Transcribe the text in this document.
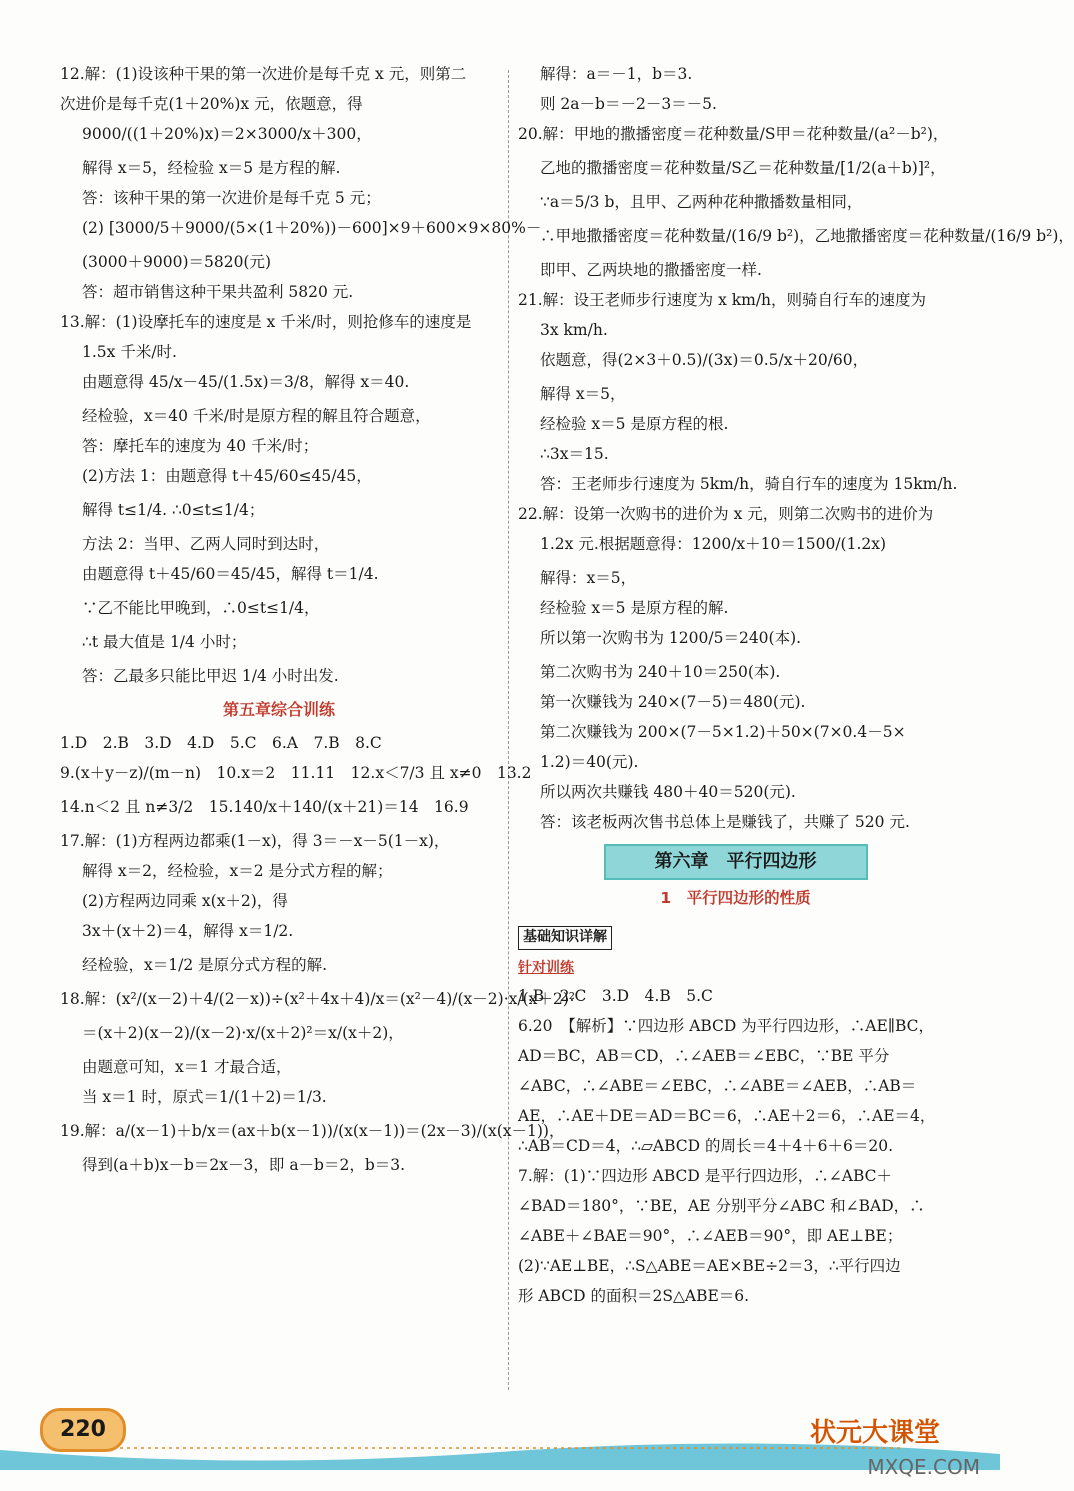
12.解：(1)设该种干果的第一次进价是每千克 x 元，则第二
次进价是每千克(1＋20%)x 元，依题意，得
9000/((1＋20%)x)＝2×3000/x＋300，
解得 x＝5，经检验 x＝5 是方程的解.
答：该种干果的第一次进价是每千克 5 元；
(2) [3000/5＋9000/(5×(1＋20%))－600]×9＋600×9×80%－
(3000＋9000)＝5820(元)
答：超市销售这种干果共盈利 5820 元.
13.解：(1)设摩托车的速度是 x 千米/时，则抢修车的速度是
1.5x 千米/时.
由题意得 45/x－45/(1.5x)＝3/8，解得 x＝40.
经检验，x＝40 千米/时是原方程的解且符合题意，
答：摩托车的速度为 40 千米/时；
(2)方法 1：由题意得 t＋45/60≤45/45，
解得 t≤1/4. ∴0≤t≤1/4；
方法 2：当甲、乙两人同时到达时，
由题意得 t＋45/60＝45/45，解得 t＝1/4.
∵乙不能比甲晚到，∴0≤t≤1/4，
∴t 最大值是 1/4 小时；
答：乙最多只能比甲迟 1/4 小时出发.
第五章综合训练
1.D　2.B　3.D　4.D　5.C　6.A　7.B　8.C
9.(x＋y－z)/(m－n)　10.x＝2　11.11　12.x＜7/3 且 x≠0　13.2
14.n＜2 且 n≠3/2　15.140/x＋140/(x＋21)＝14　16.9
17.解：(1)方程两边都乘(1－x)，得 3＝－x－5(1－x)，
解得 x＝2，经检验，x＝2 是分式方程的解；
(2)方程两边同乘 x(x＋2)，得
3x＋(x＋2)＝4，解得 x＝1/2.
经检验，x＝1/2 是原分式方程的解.
18.解：(x²/(x－2)＋4/(2－x))÷(x²＋4x＋4)/x＝(x²－4)/(x－2)·x/(x＋2)²
＝(x＋2)(x－2)/(x－2)·x/(x＋2)²＝x/(x＋2)，
由题意可知，x＝1 才最合适，
当 x＝1 时，原式＝1/(1＋2)＝1/3.
19.解：a/(x－1)＋b/x＝(ax＋b(x－1))/(x(x－1))＝(2x－3)/(x(x－1))，
得到(a＋b)x－b＝2x－3，即 a－b＝2，b＝3.
解得：a＝－1，b＝3.
则 2a－b＝－2－3＝－5.
20.解：甲地的撒播密度＝花种数量/S甲＝花种数量/(a²－b²)，
乙地的撒播密度＝花种数量/S乙＝花种数量/[1/2(a＋b)]²，
∵a＝5/3 b，且甲、乙两种花种撒播数量相同，
∴甲地撒播密度＝花种数量/(16/9 b²)，乙地撒播密度＝花种数量/(16/9 b²)，
即甲、乙两块地的撒播密度一样.
21.解：设王老师步行速度为 x km/h，则骑自行车的速度为
3x km/h.
依题意，得(2×3＋0.5)/(3x)＝0.5/x＋20/60，
解得 x＝5，
经检验 x＝5 是原方程的根.
∴3x＝15.
答：王老师步行速度为 5km/h，骑自行车的速度为 15km/h.
22.解：设第一次购书的进价为 x 元，则第二次购书的进价为
1.2x 元.根据题意得：1200/x＋10＝1500/(1.2x)
解得：x＝5，
经检验 x＝5 是原方程的解.
所以第一次购书为 1200/5＝240(本).
第二次购书为 240＋10＝250(本).
第一次赚钱为 240×(7－5)＝480(元).
第二次赚钱为 200×(7－5×1.2)＋50×(7×0.4－5×
1.2)＝40(元).
所以两次共赚钱 480＋40＝520(元).
答：该老板两次售书总体上是赚钱了，共赚了 520 元.
第六章　平行四边形
1　平行四边形的性质
基础知识详解
针对训练
1.B　2.C　3.D　4.B　5.C
6.20　【解析】∵四边形 ABCD 为平行四边形，∴AE∥BC，
AD＝BC，AB＝CD，∴∠AEB＝∠EBC，∵BE 平分
∠ABC，∴∠ABE＝∠EBC，∴∠ABE＝∠AEB，∴AB＝
AE，∴AE＋DE＝AD＝BC＝6，∴AE＋2＝6，∴AE＝4，
∴AB＝CD＝4，∴▱ABCD 的周长＝4＋4＋6＋6＝20.
7.解：(1)∵四边形 ABCD 是平行四边形，∴∠ABC＋
∠BAD＝180°，∵BE，AE 分别平分∠ABC 和∠BAD，∴
∠ABE＋∠BAE＝90°，∴∠AEB＝90°，即 AE⊥BE；
(2)∵AE⊥BE，∴S△ABE＝AE×BE÷2＝3，∴平行四边
形 ABCD 的面积＝2S△ABE＝6.
220	状元大课堂
MXQE.COM
